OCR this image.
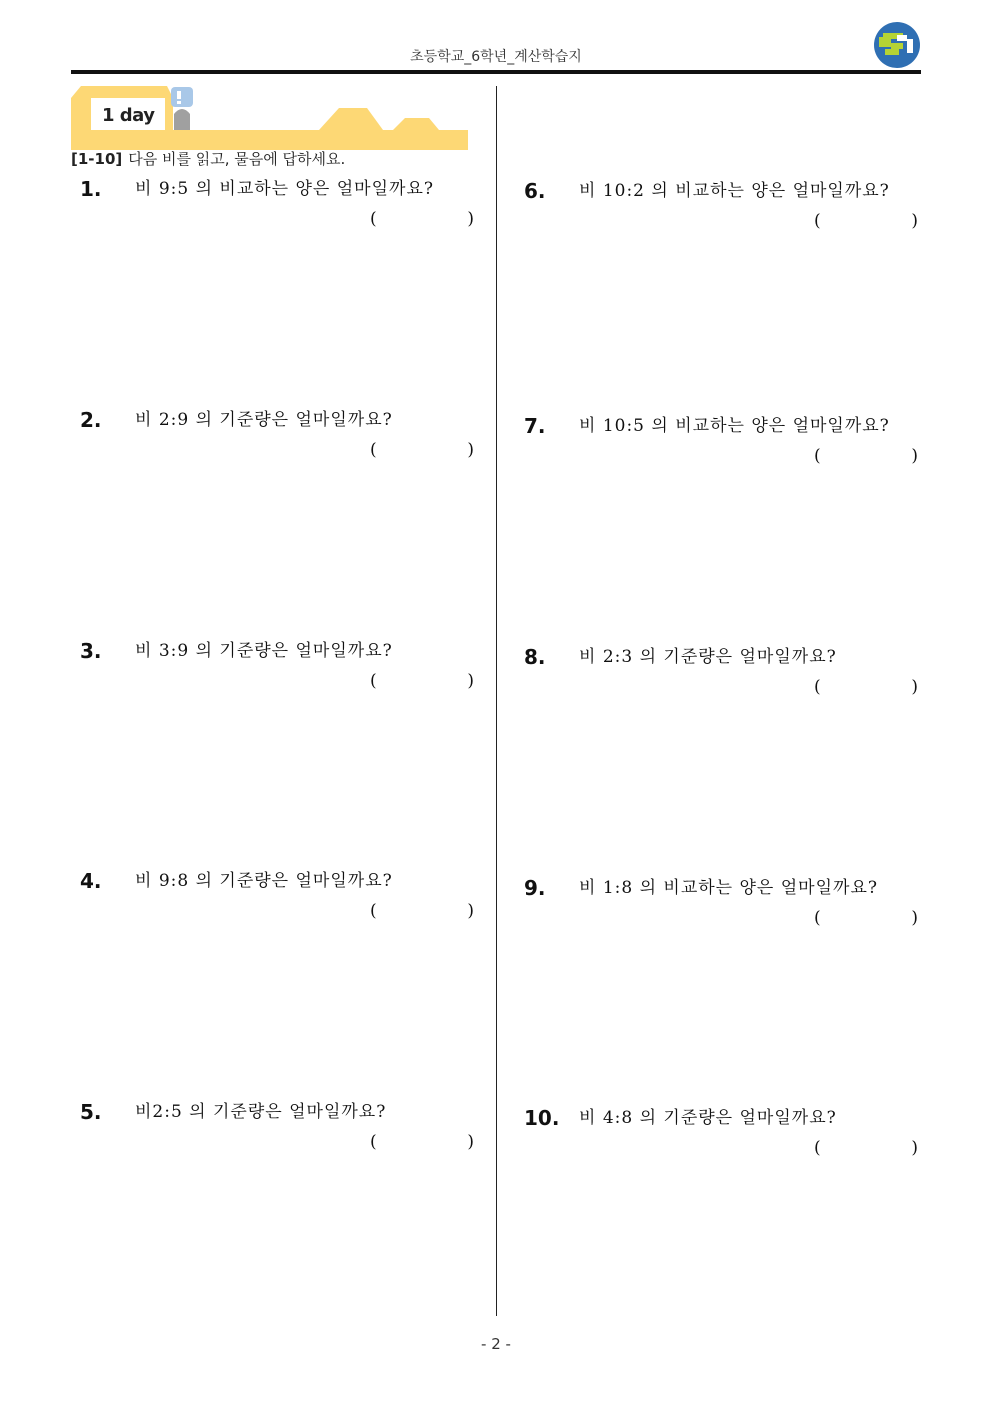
초등학교_6학년_계산학습지
1 day
[1-10] 다음 비를 읽고, 물음에 답하세요.
1. 비 9:5 의 비교하는 양은 얼마일까요?
(	)
2. 비 2:9 의 기준량은 얼마일까요?
(	)
3. 비 3:9 의 기준량은 얼마일까요?
(	)
4. 비 9:8 의 기준량은 얼마일까요?
(	)
5. 비2:5 의 기준량은 얼마일까요?
(	)
6. 비 10:2 의 비교하는 양은 얼마일까요?
(	)
7. 비 10:5 의 비교하는 양은 얼마일까요?
(	)
8. 비 2:3 의 기준량은 얼마일까요?
(	)
9. 비 1:8 의 비교하는 양은 얼마일까요?
(	)
10. 비 4:8 의 기준량은 얼마일까요?
(	)
- 2 -
